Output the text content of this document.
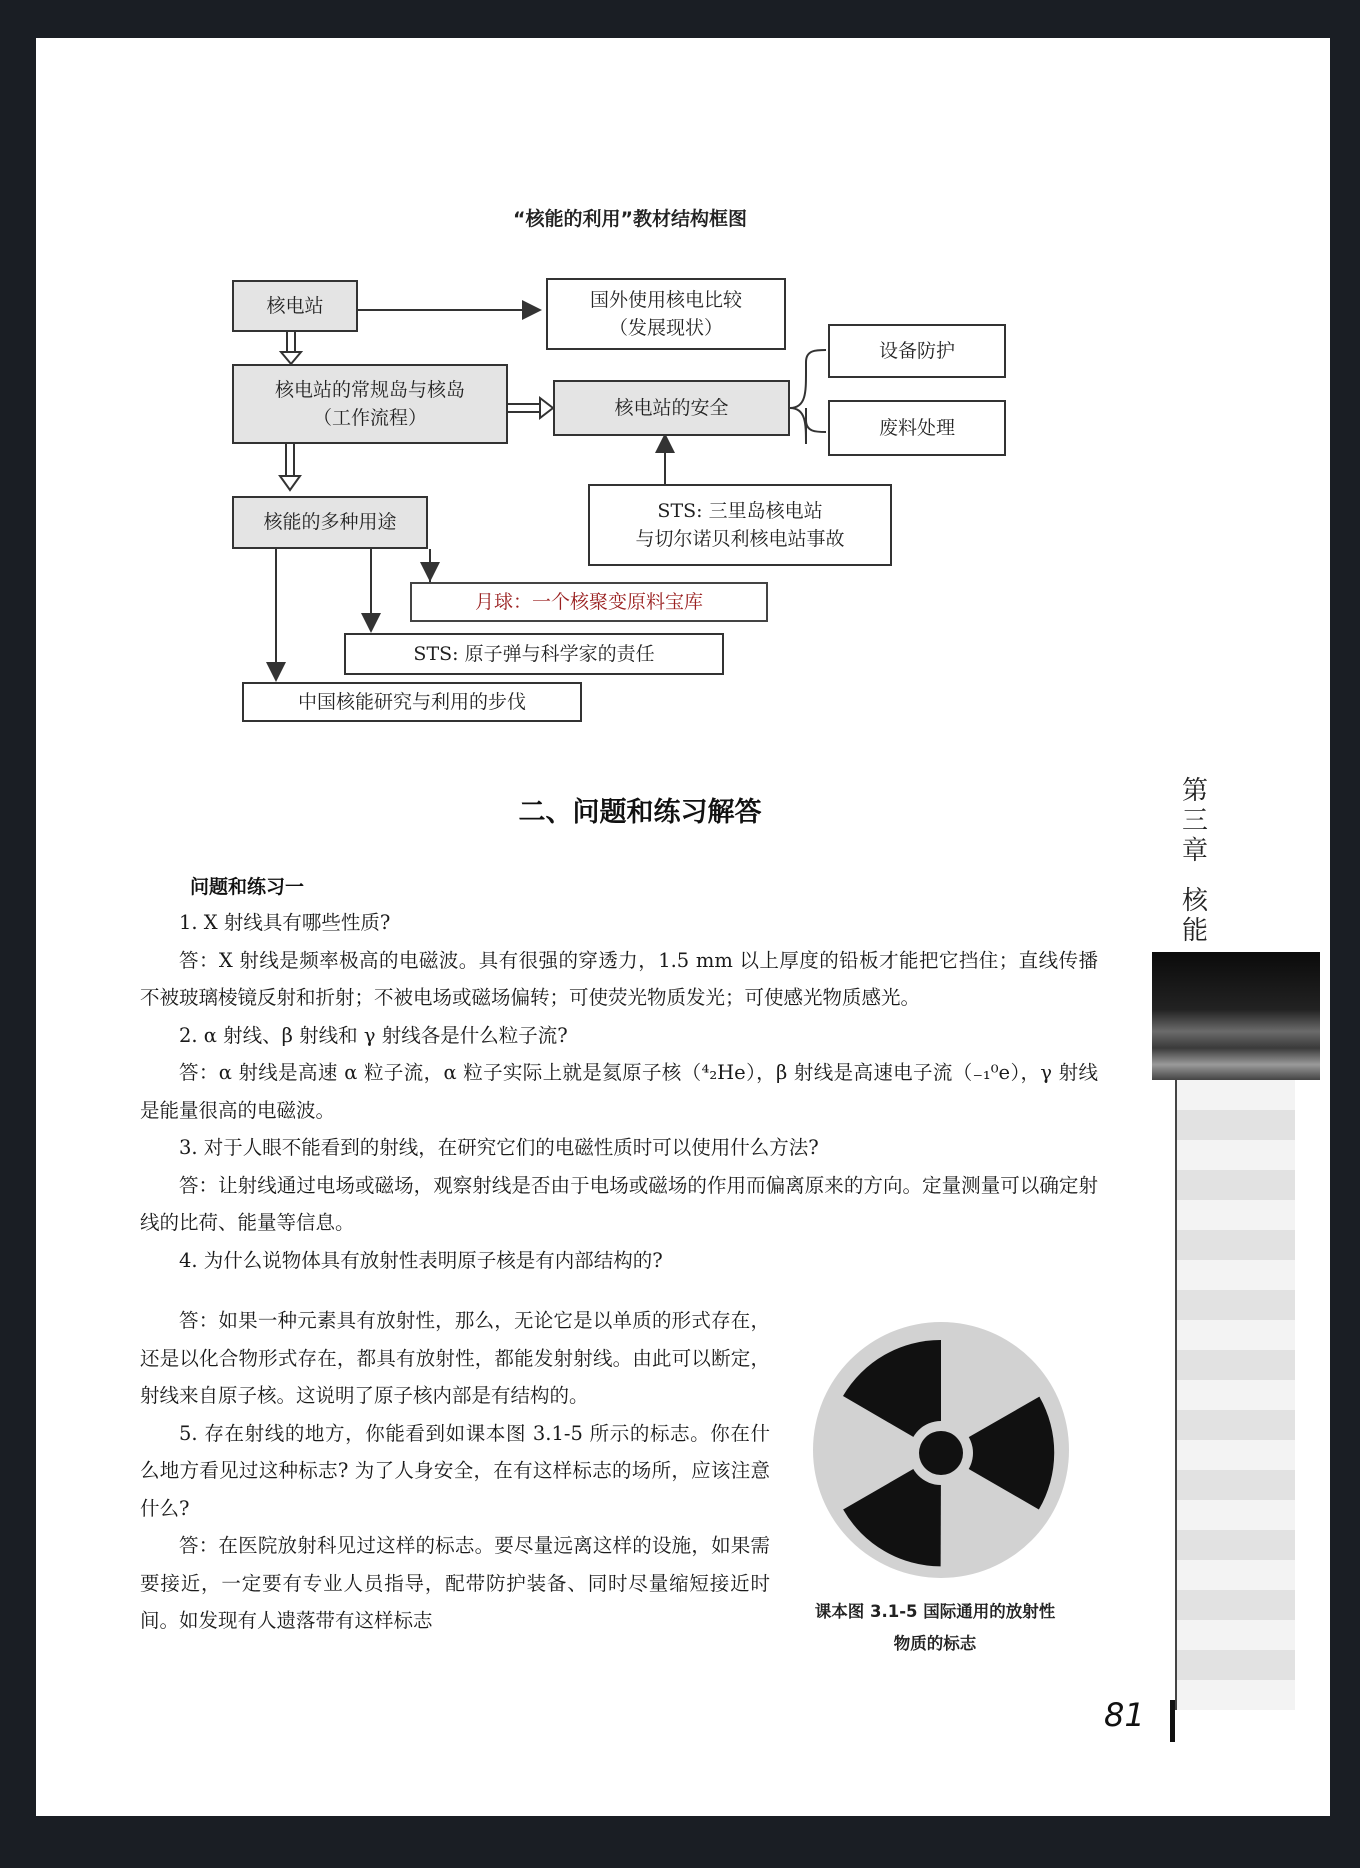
“核能的利用”教材结构框图
核电站	国外使用核电比较
（发展现状）
核电站的常规岛与核岛
（工作流程）	核电站的安全
设备防护
废料处理
STS: 三里岛核电站
与切尔诺贝利核电站事故
核能的多种用途
月球：一个核聚变原料宝库
STS: 原子弹与科学家的责任
中国核能研究与利用的步伐
二、问题和练习解答
问题和练习一

1. X 射线具有哪些性质?

答：X 射线是频率极高的电磁波。具有很强的穿透力，1.5 mm 以上厚度的铅板才能把它挡住；直线传播不被玻璃棱镜反射和折射；不被电场或磁场偏转；可使荧光物质发光；可使感光物质感光。

2. α 射线、β 射线和 γ 射线各是什么粒子流?

答：α 射线是高速 α 粒子流，α 粒子实际上就是氦原子核（⁴₂He），β 射线是高速电子流（₋₁⁰e），γ 射线是能量很高的电磁波。

3. 对于人眼不能看到的射线，在研究它们的电磁性质时可以使用什么方法?

答：让射线通过电场或磁场，观察射线是否由于电场或磁场的作用而偏离原来的方向。定量测量可以确定射线的比荷、能量等信息。

4. 为什么说物体具有放射性表明原子核是有内部结构的?

答：如果一种元素具有放射性，那么，无论它是以单质的形式存在，还是以化合物形式存在，都具有放射性，都能发射射线。由此可以断定，射线来自原子核。这说明了原子核内部是有结构的。

5. 存在射线的地方，你能看到如课本图 3.1-5 所示的标志。你在什么地方看见过这种标志? 为了人身安全，在有这样标志的场所，应该注意什么?

答：在医院放射科见过这样的标志。要尽量远离这样的设施，如果需要接近，一定要有专业人员指导，配带防护装备、同时尽量缩短接近时间。如发现有人遗落带有这样标志	课本图 3.1-5 国际通用的放射性
物质的标志
第
三
章
核
能
81
